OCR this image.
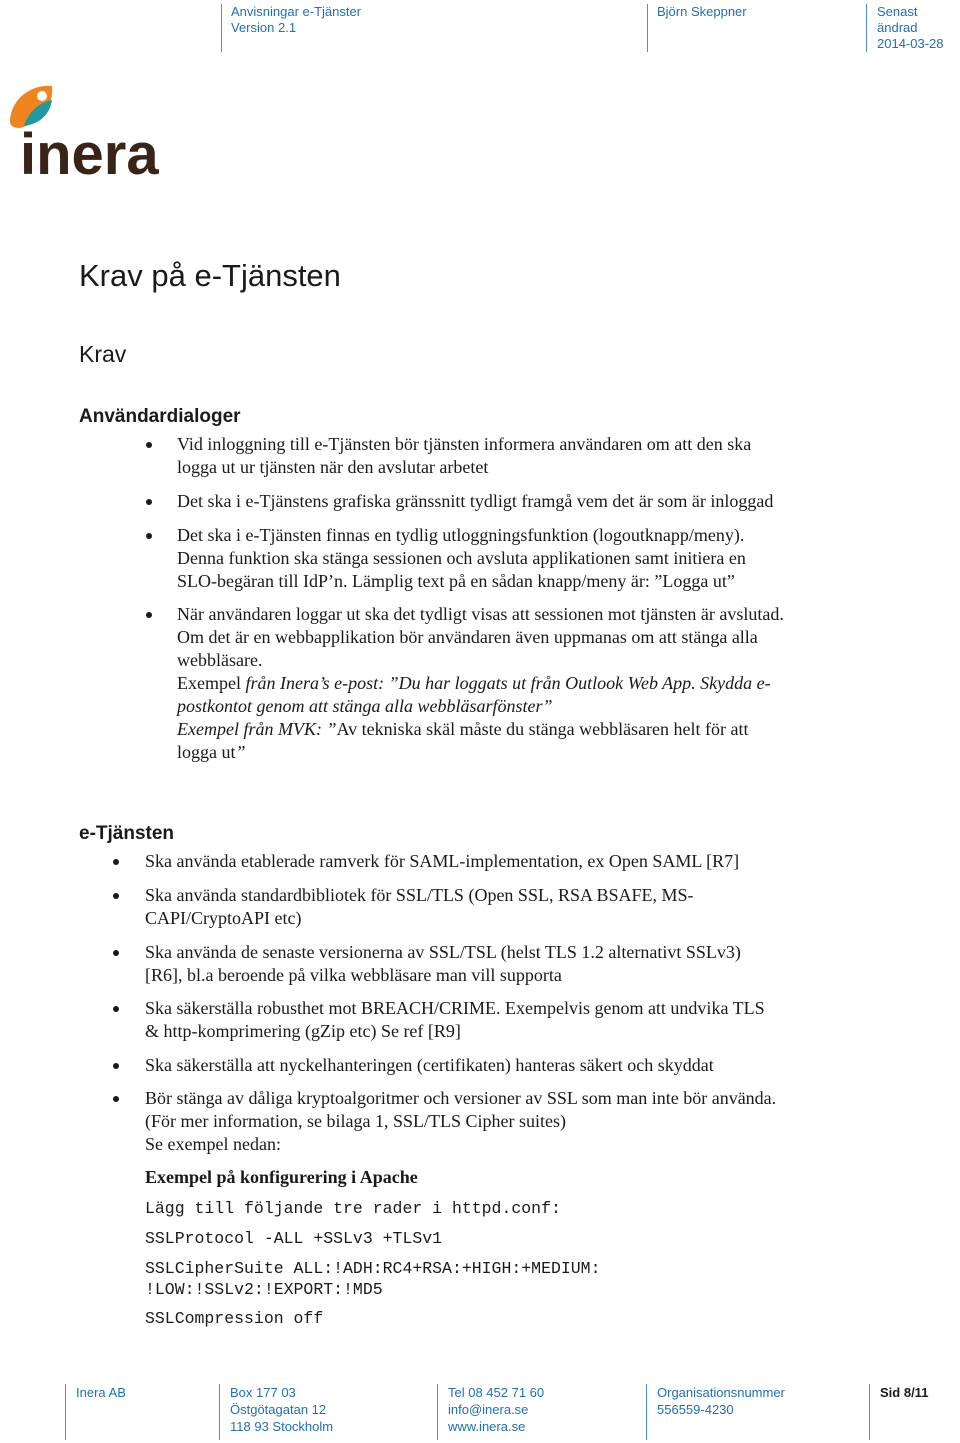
Anvisningar e-Tjänster
Version 2.1
Björn Skeppner	Senast ändrad
2014-03-28
inera
Krav på e-Tjänsten
Krav
Användardialoger
Vid inloggning till e-Tjänsten bör tjänsten informera användaren om att den ska
logga ut ur tjänsten när den avslutar arbetet
Det ska i e-Tjänstens grafiska gränssnitt tydligt framgå vem det är som är inloggad
Det ska i e-Tjänsten finnas en tydlig utloggningsfunktion (logoutknapp/meny).
Denna funktion ska stänga sessionen och avsluta applikationen samt initiera en
SLO-begäran till IdP’n. Lämplig text på en sådan knapp/meny är: ”Logga ut”
När användaren loggar ut ska det tydligt visas att sessionen mot tjänsten är avslutad.
Om det är en webbapplikation bör användaren även uppmanas om att stänga alla
webbläsare.
Exempel från Inera’s e-post: ”Du har loggats ut från Outlook Web App. Skydda e-
postkontot genom att stänga alla webbläsarfönster”
Exempel från MVK: ”Av tekniska skäl måste du stänga webbläsaren helt för att
logga ut”
e-Tjänsten
Ska använda etablerade ramverk för SAML-implementation, ex Open SAML [R7]
Ska använda standardbibliotek för SSL/TLS (Open SSL, RSA BSAFE, MS-
CAPI/CryptoAPI etc)
Ska använda de senaste versionerna av SSL/TSL (helst TLS 1.2 alternativt SSLv3)
[R6], bl.a beroende på vilka webbläsare man vill supporta
Ska säkerställa robusthet mot BREACH/CRIME. Exempelvis genom att undvika TLS
& http-komprimering (gZip etc) Se ref [R9]
Ska säkerställa att nyckelhanteringen (certifikaten) hanteras säkert och skyddat
Bör stänga av dåliga kryptoalgoritmer och versioner av SSL som man inte bör använda.
(För mer information, se bilaga 1, SSL/TLS Cipher suites)
Se exempel nedan:
Exempel på konfigurering i Apache
Lägg till följande tre rader i httpd.conf:
SSLProtocol -ALL +SSLv3 +TLSv1
SSLCipherSuite ALL:!ADH:RC4+RSA:+HIGH:+MEDIUM:
!LOW:!SSLv2:!EXPORT:!MD5
SSLCompression off
Inera AB	Box 177 03
Östgötagatan 12
118 93 Stockholm
Tel 08 452 71 60
info@inera.se
www.inera.se
Organisationsnummer
556559-4230
Sid 8/11
